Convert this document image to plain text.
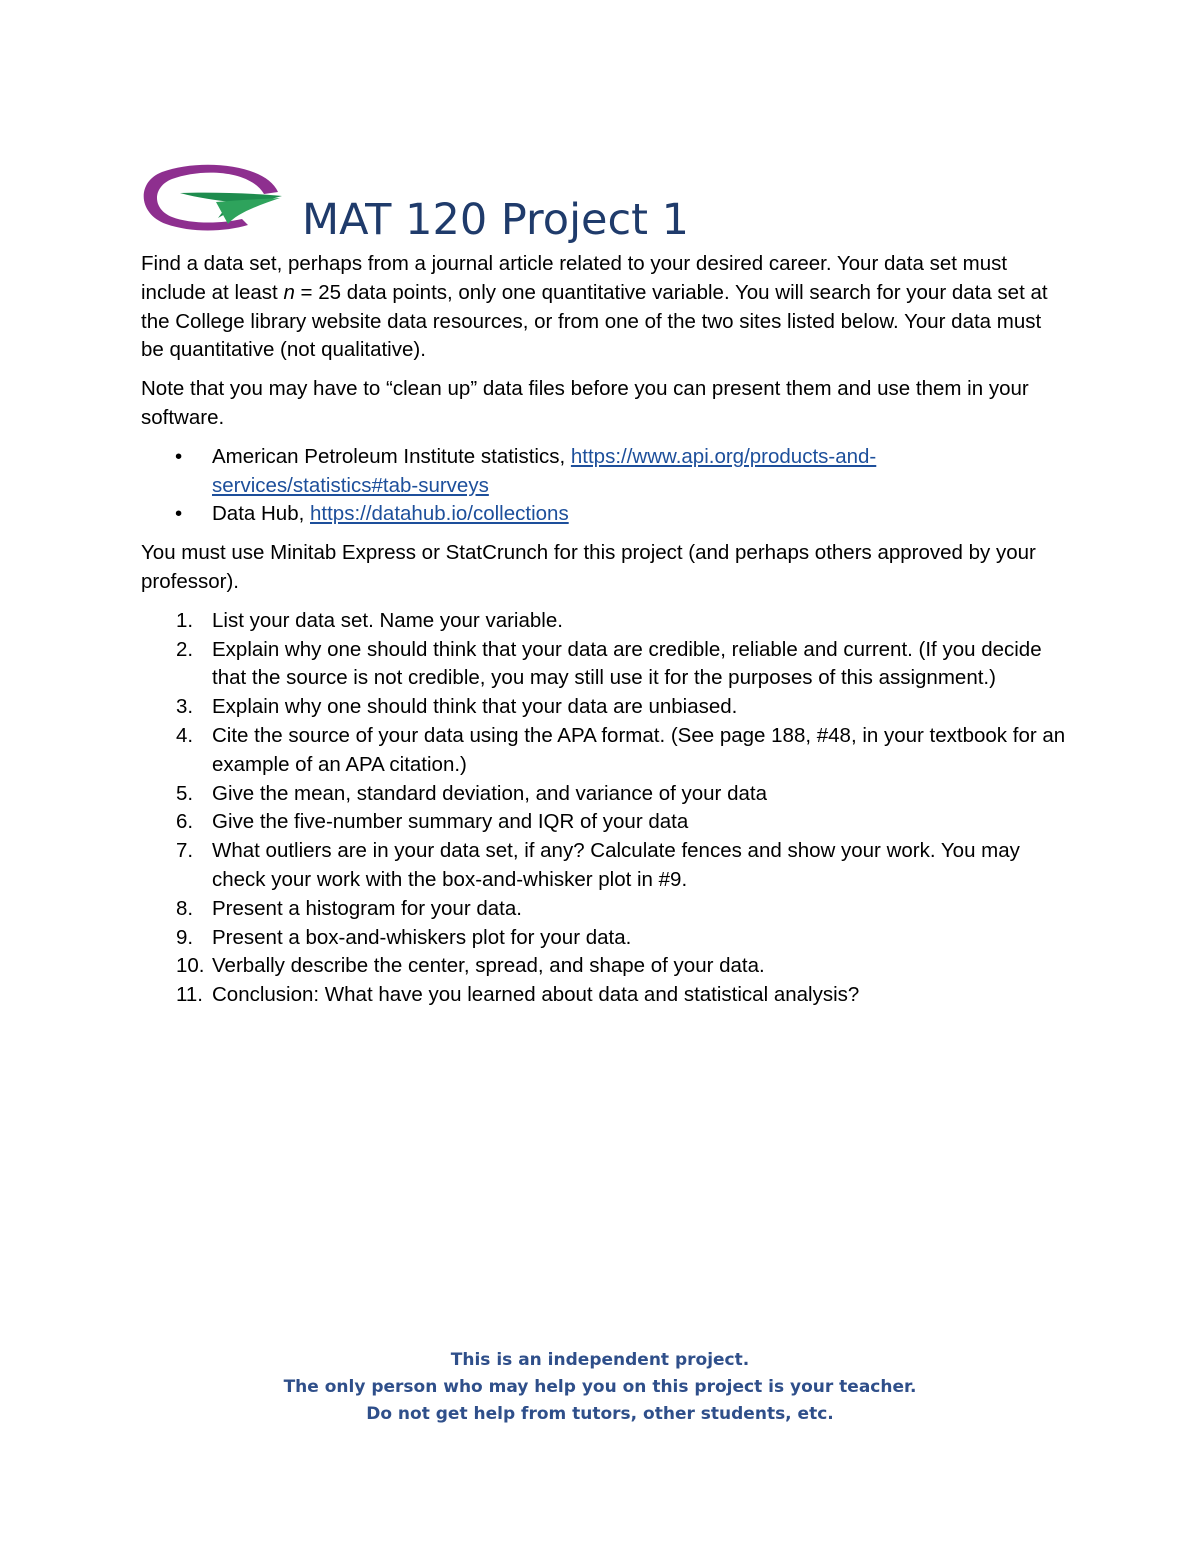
MAT 120 Project 1

Find a data set, perhaps from a journal article related to your desired career. Your data set must include at least n = 25 data points, only one quantitative variable. You will search for your data set at the College library website data resources, or from one of the two sites listed below. Your data must be quantitative (not qualitative).

Note that you may have to “clean up” data files before you can present them and use them in your software.

• American Petroleum Institute statistics, https://www.api.org/products-and-services/statistics#tab-surveys
• Data Hub, https://datahub.io/collections

You must use Minitab Express or StatCrunch for this project (and perhaps others approved by your professor).

1. List your data set. Name your variable.
2. Explain why one should think that your data are credible, reliable and current. (If you decide that the source is not credible, you may still use it for the purposes of this assignment.)
3. Explain why one should think that your data are unbiased.
4. Cite the source of your data using the APA format. (See page 188, #48, in your textbook for an example of an APA citation.)
5. Give the mean, standard deviation, and variance of your data
6. Give the five-number summary and IQR of your data
7. What outliers are in your data set, if any? Calculate fences and show your work. You may check your work with the box-and-whisker plot in #9.
8. Present a histogram for your data.
9. Present a box-and-whiskers plot for your data.
10. Verbally describe the center, spread, and shape of your data.
11. Conclusion: What have you learned about data and statistical analysis?
This is an independent project.
The only person who may help you on this project is your teacher.
Do not get help from tutors, other students, etc.
